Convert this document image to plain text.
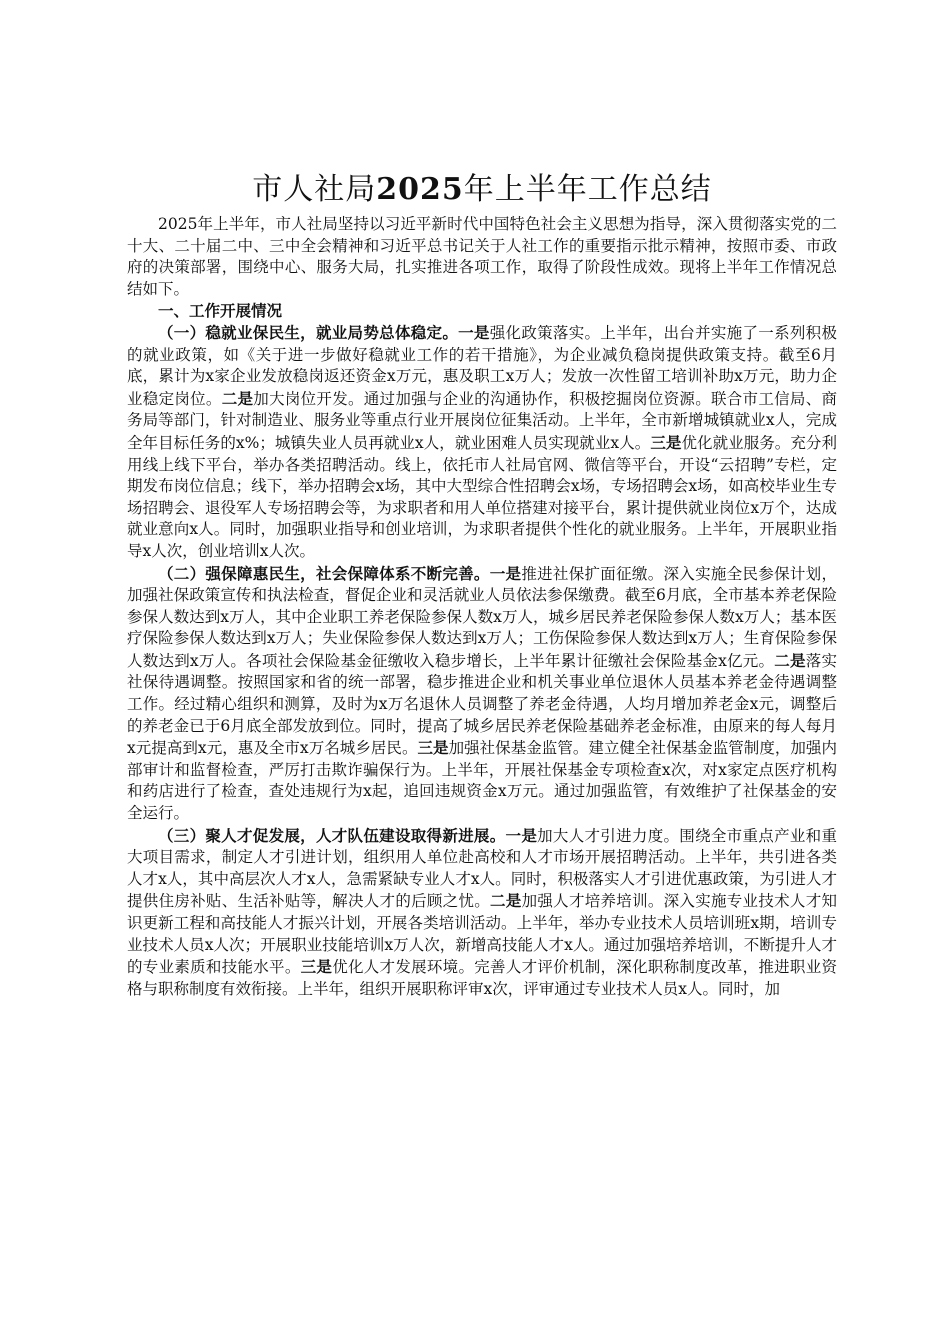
市人社局2025年上半年工作总结

2025年上半年，市人社局坚持以习近平新时代中国特色社会主义思想为指导，深入贯彻落实党的二十大、二十届二中、三中全会精神和习近平总书记关于人社工作的重要指示批示精神，按照市委、市政府的决策部署，围绕中心、服务大局，扎实推进各项工作，取得了阶段性成效。现将上半年工作情况总结如下。

一、工作开展情况

（一）稳就业保民生，就业局势总体稳定。一是强化政策落实。上半年，出台并实施了一系列积极的就业政策，如《关于进一步做好稳就业工作的若干措施》，为企业减负稳岗提供政策支持。截至6月底，累计为x家企业发放稳岗返还资金x万元，惠及职工x万人；发放一次性留工培训补助x万元，助力企业稳定岗位。二是加大岗位开发。通过加强与企业的沟通协作，积极挖掘岗位资源。联合市工信局、商务局等部门，针对制造业、服务业等重点行业开展岗位征集活动。上半年，全市新增城镇就业x人，完成全年目标任务的x%；城镇失业人员再就业x人，就业困难人员实现就业x人。三是优化就业服务。充分利用线上线下平台，举办各类招聘活动。线上，依托市人社局官网、微信等平台，开设“云招聘”专栏，定期发布岗位信息；线下，举办招聘会x场，其中大型综合性招聘会x场，专场招聘会x场，如高校毕业生专场招聘会、退役军人专场招聘会等，为求职者和用人单位搭建对接平台，累计提供就业岗位x万个，达成就业意向x人。同时，加强职业指导和创业培训，为求职者提供个性化的就业服务。上半年，开展职业指导x人次，创业培训x人次。

（二）强保障惠民生，社会保障体系不断完善。一是推进社保扩面征缴。深入实施全民参保计划，加强社保政策宣传和执法检查，督促企业和灵活就业人员依法参保缴费。截至6月底，全市基本养老保险参保人数达到x万人，其中企业职工养老保险参保人数x万人，城乡居民养老保险参保人数x万人；基本医疗保险参保人数达到x万人；失业保险参保人数达到x万人；工伤保险参保人数达到x万人；生育保险参保人数达到x万人。各项社会保险基金征缴收入稳步增长，上半年累计征缴社会保险基金x亿元。二是落实社保待遇调整。按照国家和省的统一部署，稳步推进企业和机关事业单位退休人员基本养老金待遇调整工作。经过精心组织和测算，及时为x万名退休人员调整了养老金待遇，人均月增加养老金x元，调整后的养老金已于6月底全部发放到位。同时，提高了城乡居民养老保险基础养老金标准，由原来的每人每月x元提高到x元，惠及全市x万名城乡居民。三是加强社保基金监管。建立健全社保基金监管制度，加强内部审计和监督检查，严厉打击欺诈骗保行为。上半年，开展社保基金专项检查x次，对x家定点医疗机构和药店进行了检查，查处违规行为x起，追回违规资金x万元。通过加强监管，有效维护了社保基金的安全运行。

（三）聚人才促发展，人才队伍建设取得新进展。一是加大人才引进力度。围绕全市重点产业和重大项目需求，制定人才引进计划，组织用人单位赴高校和人才市场开展招聘活动。上半年，共引进各类人才x人，其中高层次人才x人，急需紧缺专业人才x人。同时，积极落实人才引进优惠政策，为引进人才提供住房补贴、生活补贴等，解决人才的后顾之忧。二是加强人才培养培训。深入实施专业技术人才知识更新工程和高技能人才振兴计划，开展各类培训活动。上半年，举办专业技术人员培训班x期，培训专业技术人员x人次；开展职业技能培训x万人次，新增高技能人才x人。通过加强培养培训，不断提升人才的专业素质和技能水平。三是优化人才发展环境。完善人才评价机制，深化职称制度改革，推进职业资格与职称制度有效衔接。上半年，组织开展职称评审x次，评审通过专业技术人员x人。同时，加
